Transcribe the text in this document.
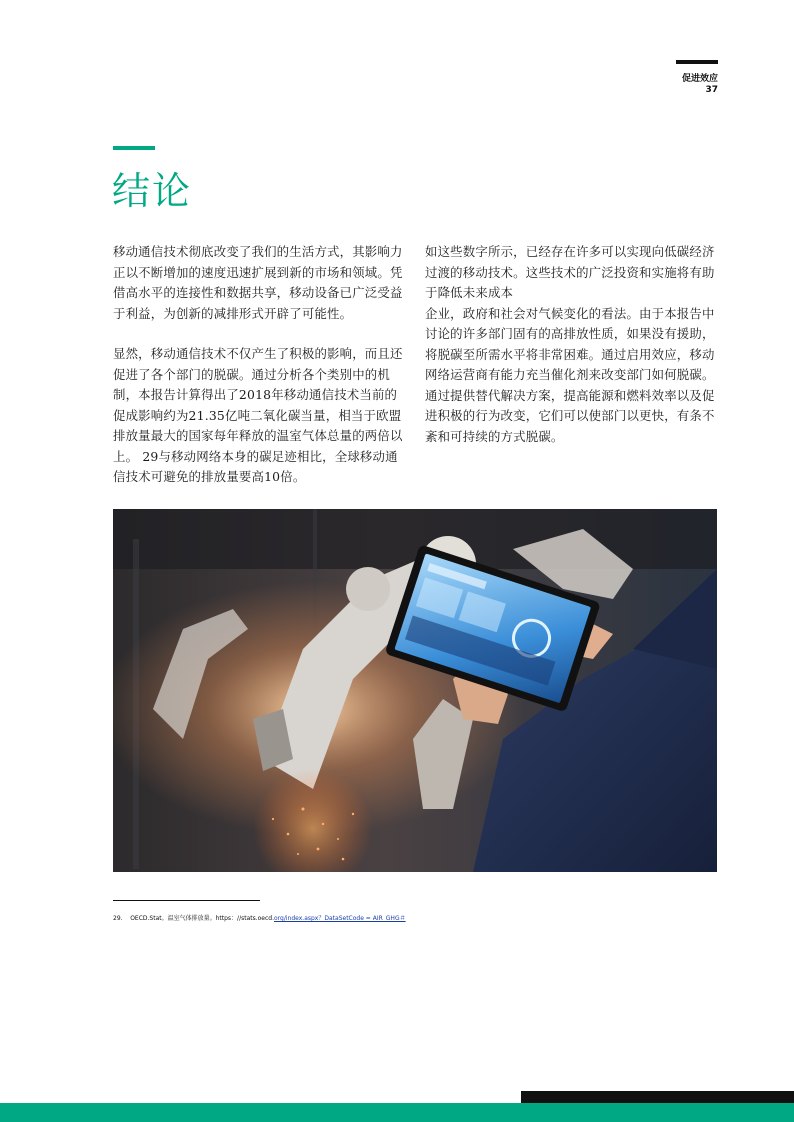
促进效应
37
结论

移动通信技术彻底改变了我们的生活方式，其影响力正以不断增加的速度迅速扩展到新的市场和领域。凭借高水平的连接性和数据共享，移动设备已广泛受益于利益，为创新的减排形式开辟了可能性。

显然，移动通信技术不仅产生了积极的影响，而且还促进了各个部门的脱碳。通过分析各个类别中的机制，本报告计算得出了2018年移动通信技术当前的促成影响约为21.35亿吨二氧化碳当量，相当于欧盟排放量最大的国家每年释放的温室气体总量的两倍以上。 29与移动网络本身的碳足迹相比，全球移动通信技术可避免的排放量要高10倍。

如这些数字所示，已经存在许多可以实现向低碳经济过渡的移动技术。这些技术的广泛投资和实施将有助于降低未来成本

企业，政府和社会对气候变化的看法。由于本报告中讨论的许多部门固有的高排放性质，如果没有援助，将脱碳至所需水平将非常困难。通过启用效应，移动网络运营商有能力充当催化剂来改变部门如何脱碳。通过提供替代解决方案，提高能源和燃料效率以及促进积极的行为改变，它们可以使部门以更快，有条不紊和可持续的方式脱碳。

29. OECD.Stat。温室气体排放量。https：//stats.oecd.org/index.aspx？DataSetCode = AIR_GHG＃
